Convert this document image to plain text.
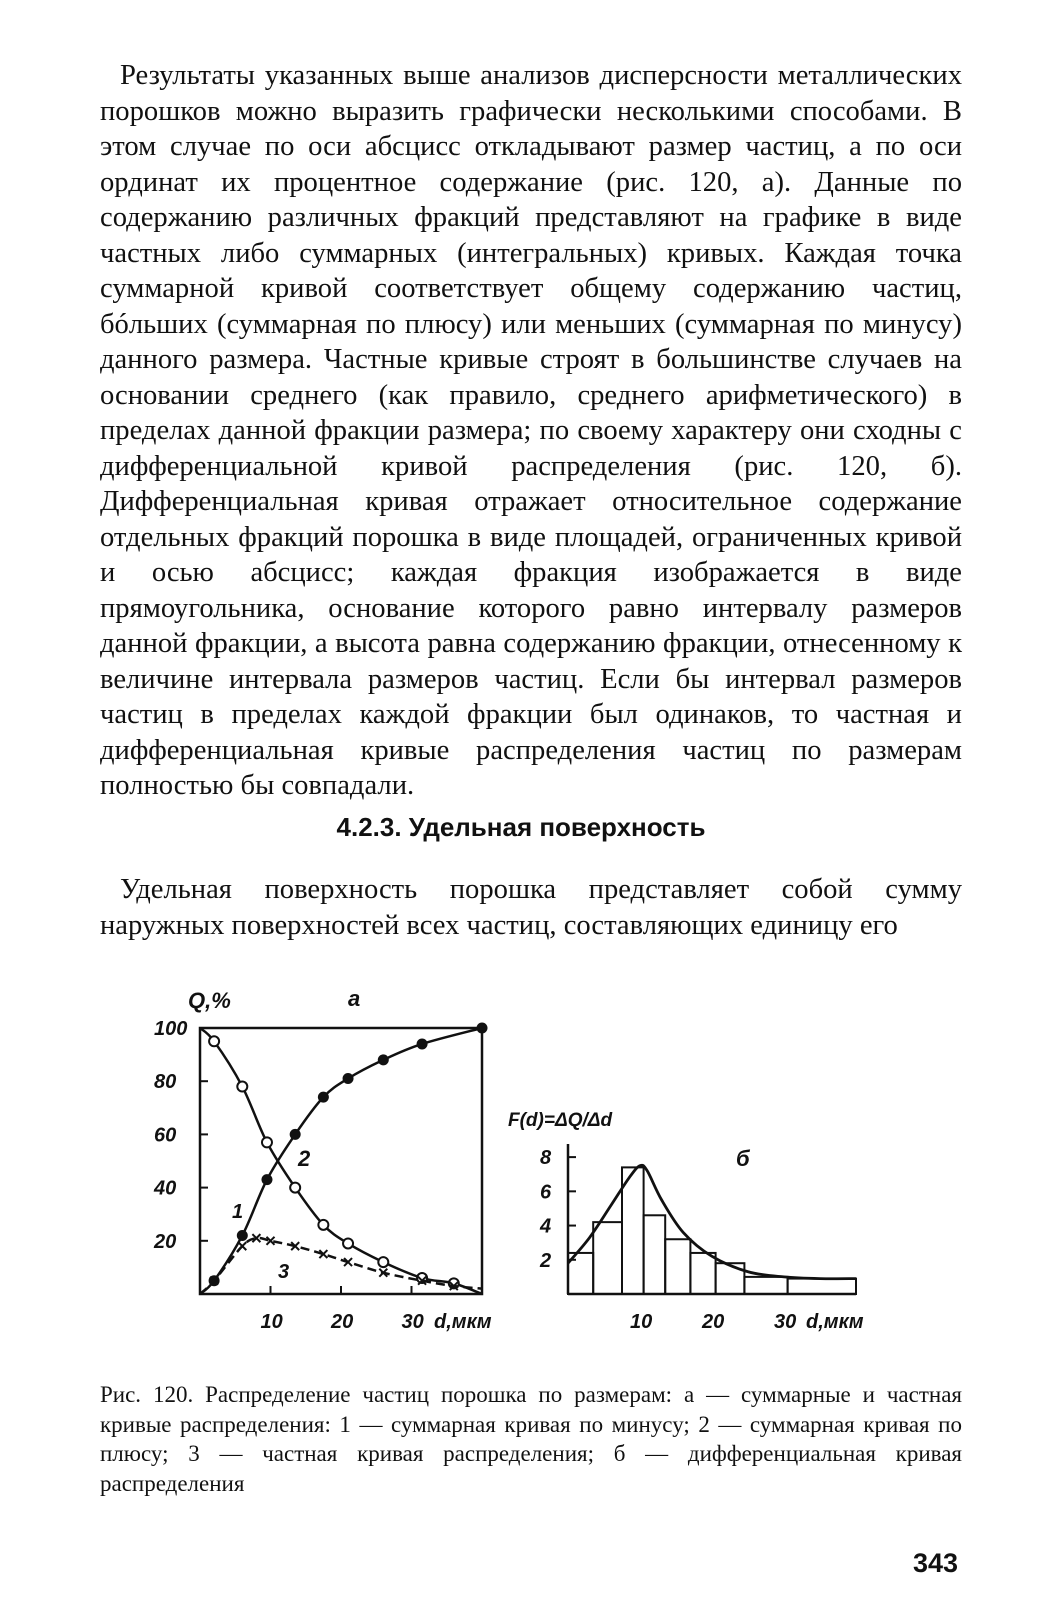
Результаты указанных выше анализов дисперсности металлических порошков можно выразить графически несколькими способами. В этом случае по оси абсцисс откладывают размер частиц, а по оси ординат их процентное содержание (рис. 120, а). Данные по содержанию различных фракций представляют на графике в виде частных либо суммарных (интегральных) кривых. Каждая точка суммарной кривой соответствует общему содержанию частиц, бóльших (суммарная по плюсу) или меньших (суммарная по минусу) данного размера. Частные кривые строят в большинстве случаев на основании среднего (как правило, среднего арифметического) в пределах данной фракции размера; по своему характеру они сходны с дифференциальной кривой распределения (рис. 120, б). Дифференциальная кривая отражает относительное содержание отдельных фракций порошка в виде площадей, ограниченных кривой и осью абсцисс; каждая фракция изображается в виде прямоугольника, основание которого равно интервалу размеров данной фракции, а высота равна содержанию фракции, отнесенному к величине интервала размеров частиц. Если бы интервал размеров частиц в пределах каждой фракции был одинаков, то частная и дифференциальная кривые распределения частиц по размерам полностью бы совпадали.

4.2.3. Удельная поверхность

Удельная поверхность порошка представляет собой сумму наружных поверхностей всех частиц, составляющих единицу его

Q,%	а
20
40
60
80
100
10 20 30 d,мкм
1
2
3
F(d)=ΔQ/Δd
б
2
4
6
8
10 20 30 d,мкм

Рис. 120. Распределение частиц порошка по размерам: а — суммарные и частная кривые распределения: 1 — суммарная кривая по минусу; 2 — суммарная кривая по плюсу; 3 — частная кривая распределения; б — дифференциальная кривая распределения

343
